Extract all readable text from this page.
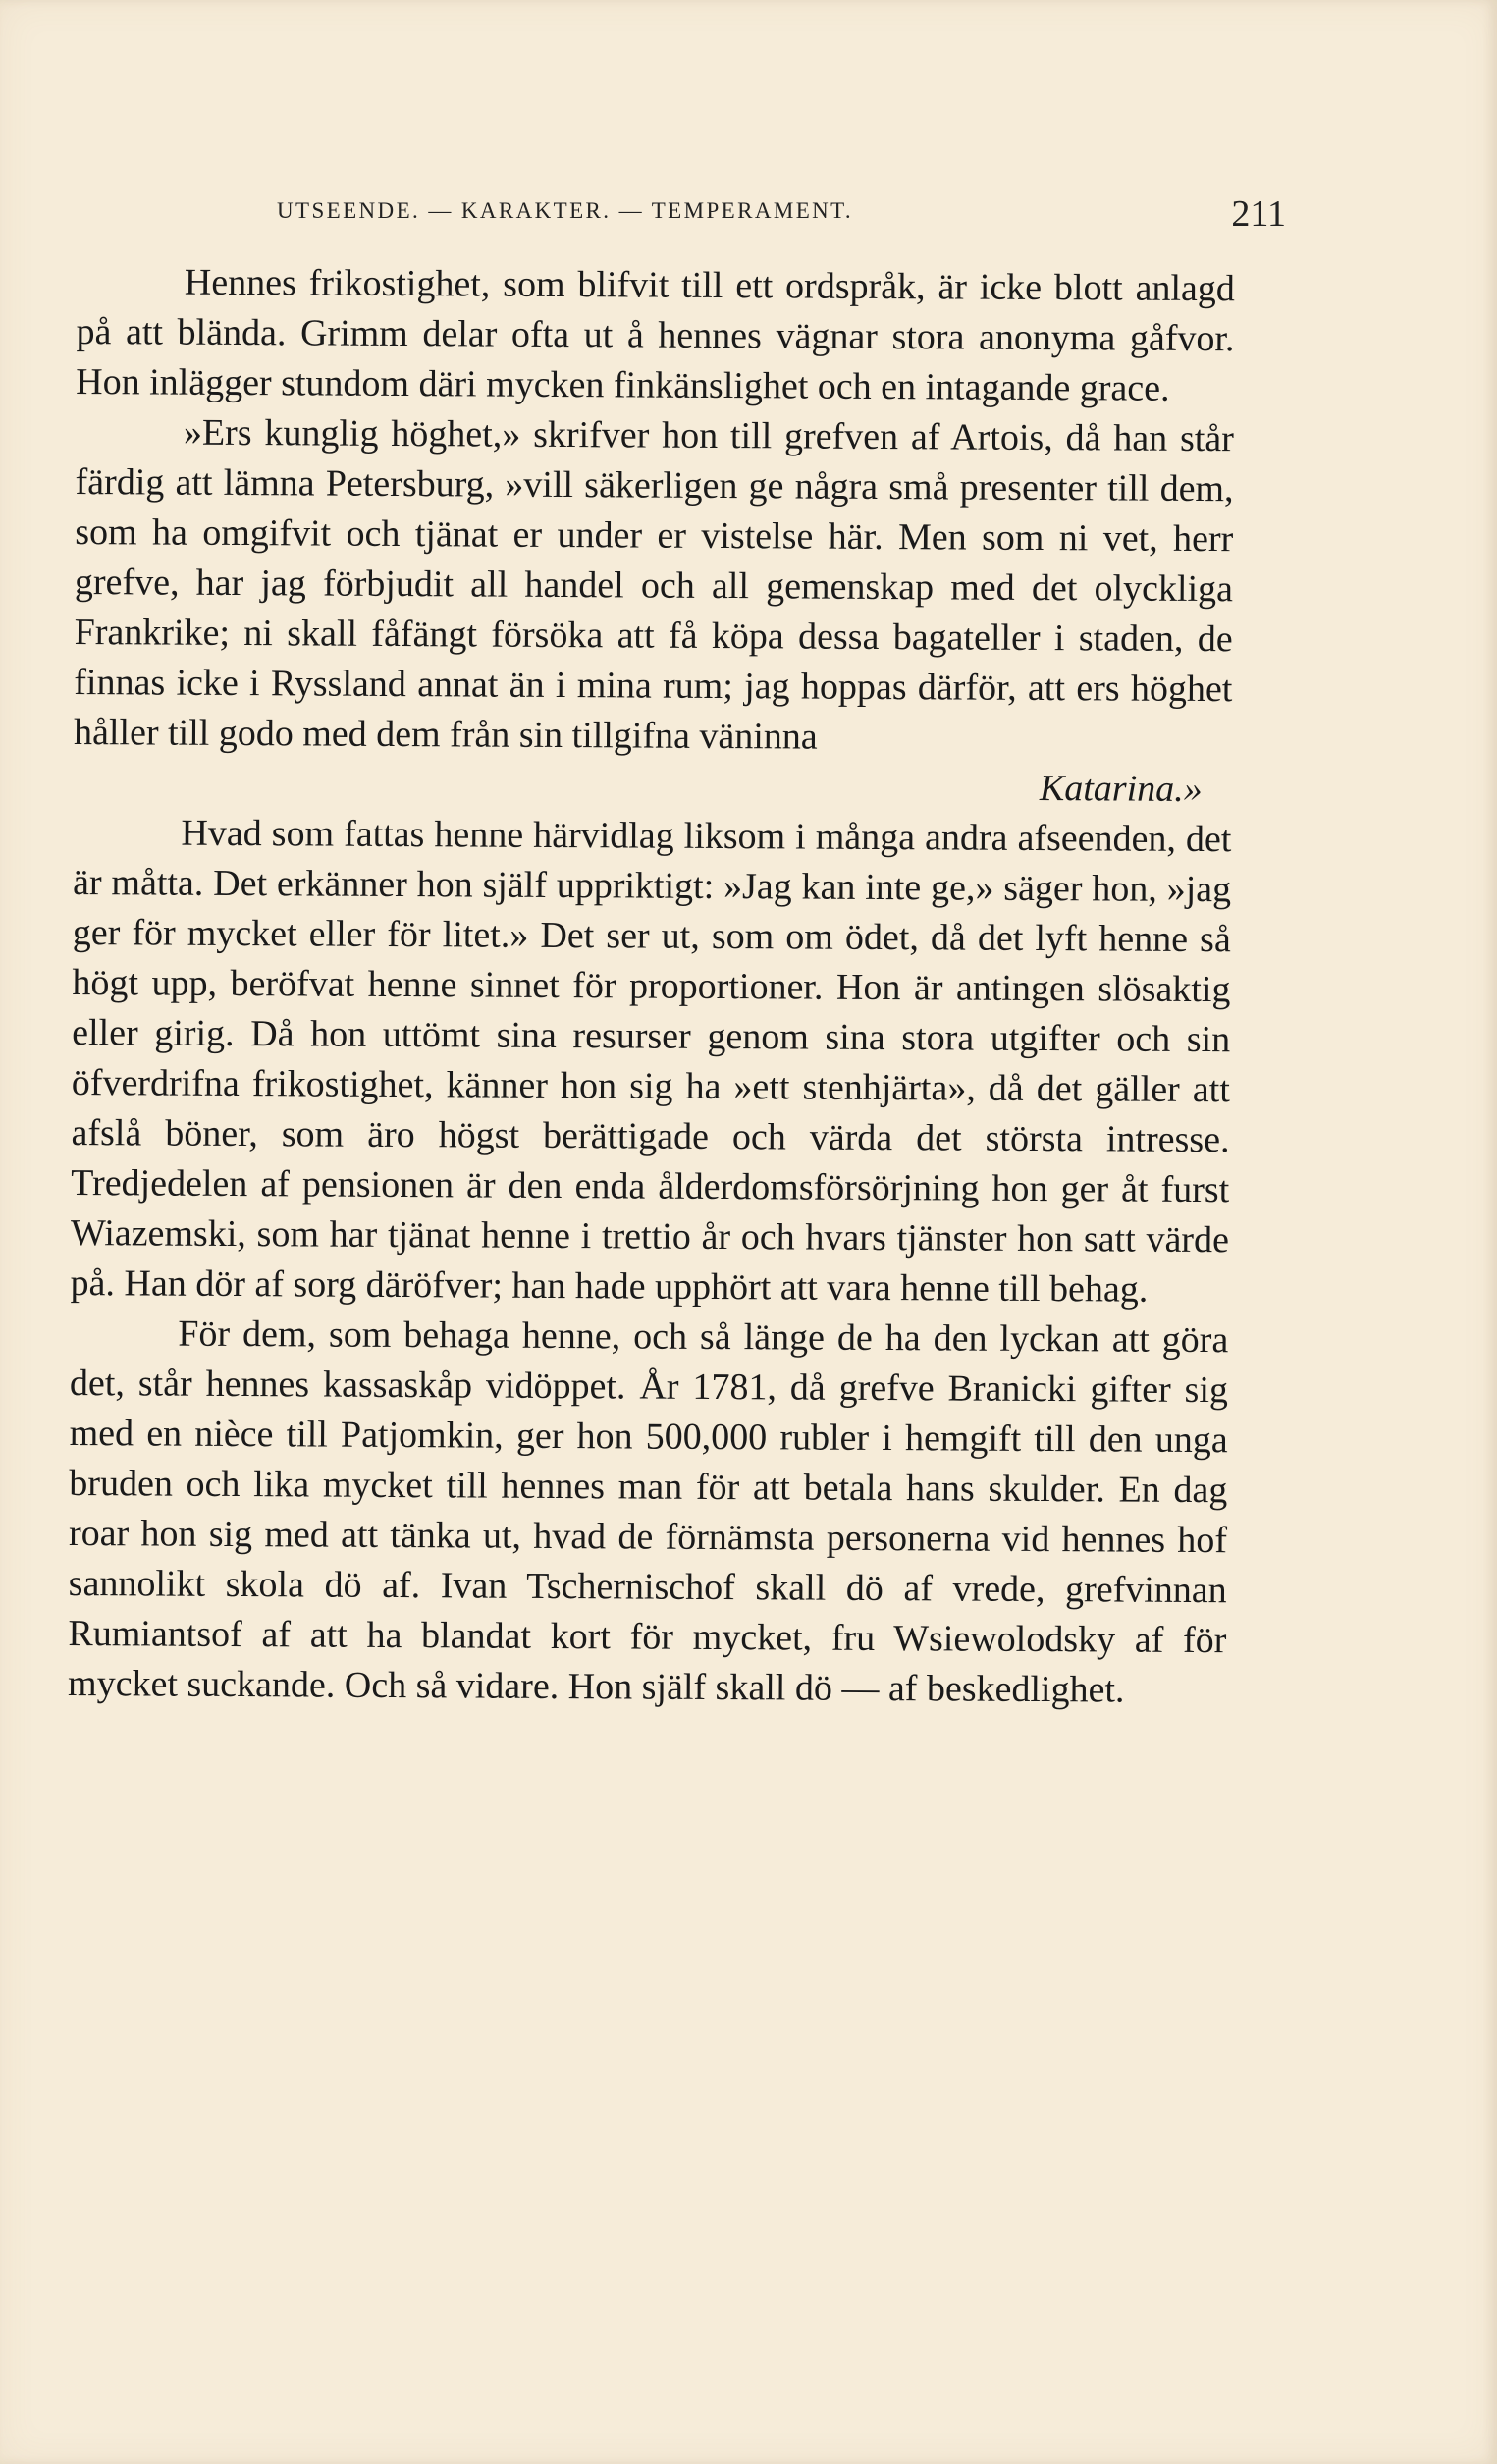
UTSEENDE. — KARAKTER. — TEMPERAMENT.	211

Hennes frikostighet, som blifvit till ett ordspråk, är icke blott anlagd på att bländа. Grimm delar ofta ut å hennes vägnar stora anonyma gåfvor. Hon inlägger stundom däri mycken finkänslighet och en intagande grace.

»Ers kunglig höghet,» skrifver hon till grefven af Artois, då han står färdig att lämna Petersburg, »vill säkerligen ge några små presenter till dem, som ha omgifvit och tjänat er under er vistelse här. Men som ni vet, herr grefve, har jag förbjudit all handel och all gemenskap med det olyckliga Frankrike; ni skall fåfängt försöka att få köpa dessa bagateller i staden, de finnas icke i Ryssland annat än i mina rum; jag hoppas därför, att ers höghet håller till godo med dem från sin tillgifna väninna

Katarina.»

Hvad som fattas henne härvidlag liksom i många andra afseenden, det är måtta. Det erkänner hon själf uppriktigt: »Jag kan inte ge,» säger hon, »jag ger för mycket eller för litet.» Det ser ut, som om ödet, då det lyft henne så högt upp, beröfvat henne sinnet för proportioner. Hon är antingen slösaktig eller girig. Då hon uttömt sina resurser genom sina stora utgifter och sin öfverdrifna frikostighet, känner hon sig ha »ett stenhjärta», då det gäller att afslå böner, som äro högst berättigade och värda det största intresse. Tredjedelen af pensionen är den enda ålderdomsförsörjning hon ger åt furst Wiazemski, som har tjänat henne i trettio år och hvars tjänster hon satt värde på. Han dör af sorg däröfver; han hade upphört att vara henne till behag.

För dem, som behaga henne, och så länge de ha den lyckan att göra det, står hennes kassaskåp vidöppet. År 1781, då grefve Branicki gifter sig med en nièce till Patjomkin, ger hon 500,000 rubler i hemgift till den unga bruden och lika mycket till hennes man för att betala hans skulder. En dag roar hon sig med att tänka ut, hvad de förnämsta personerna vid hennes hof sannolikt skola dö af. Ivan Tschernischof skall dö af vrede, grefvinnan Rumiantsof af att ha blandat kort för mycket, fru Wsiewolodsky af för mycket suckande. Och så vidare. Hon själf skall dö — af beskedlighet.
